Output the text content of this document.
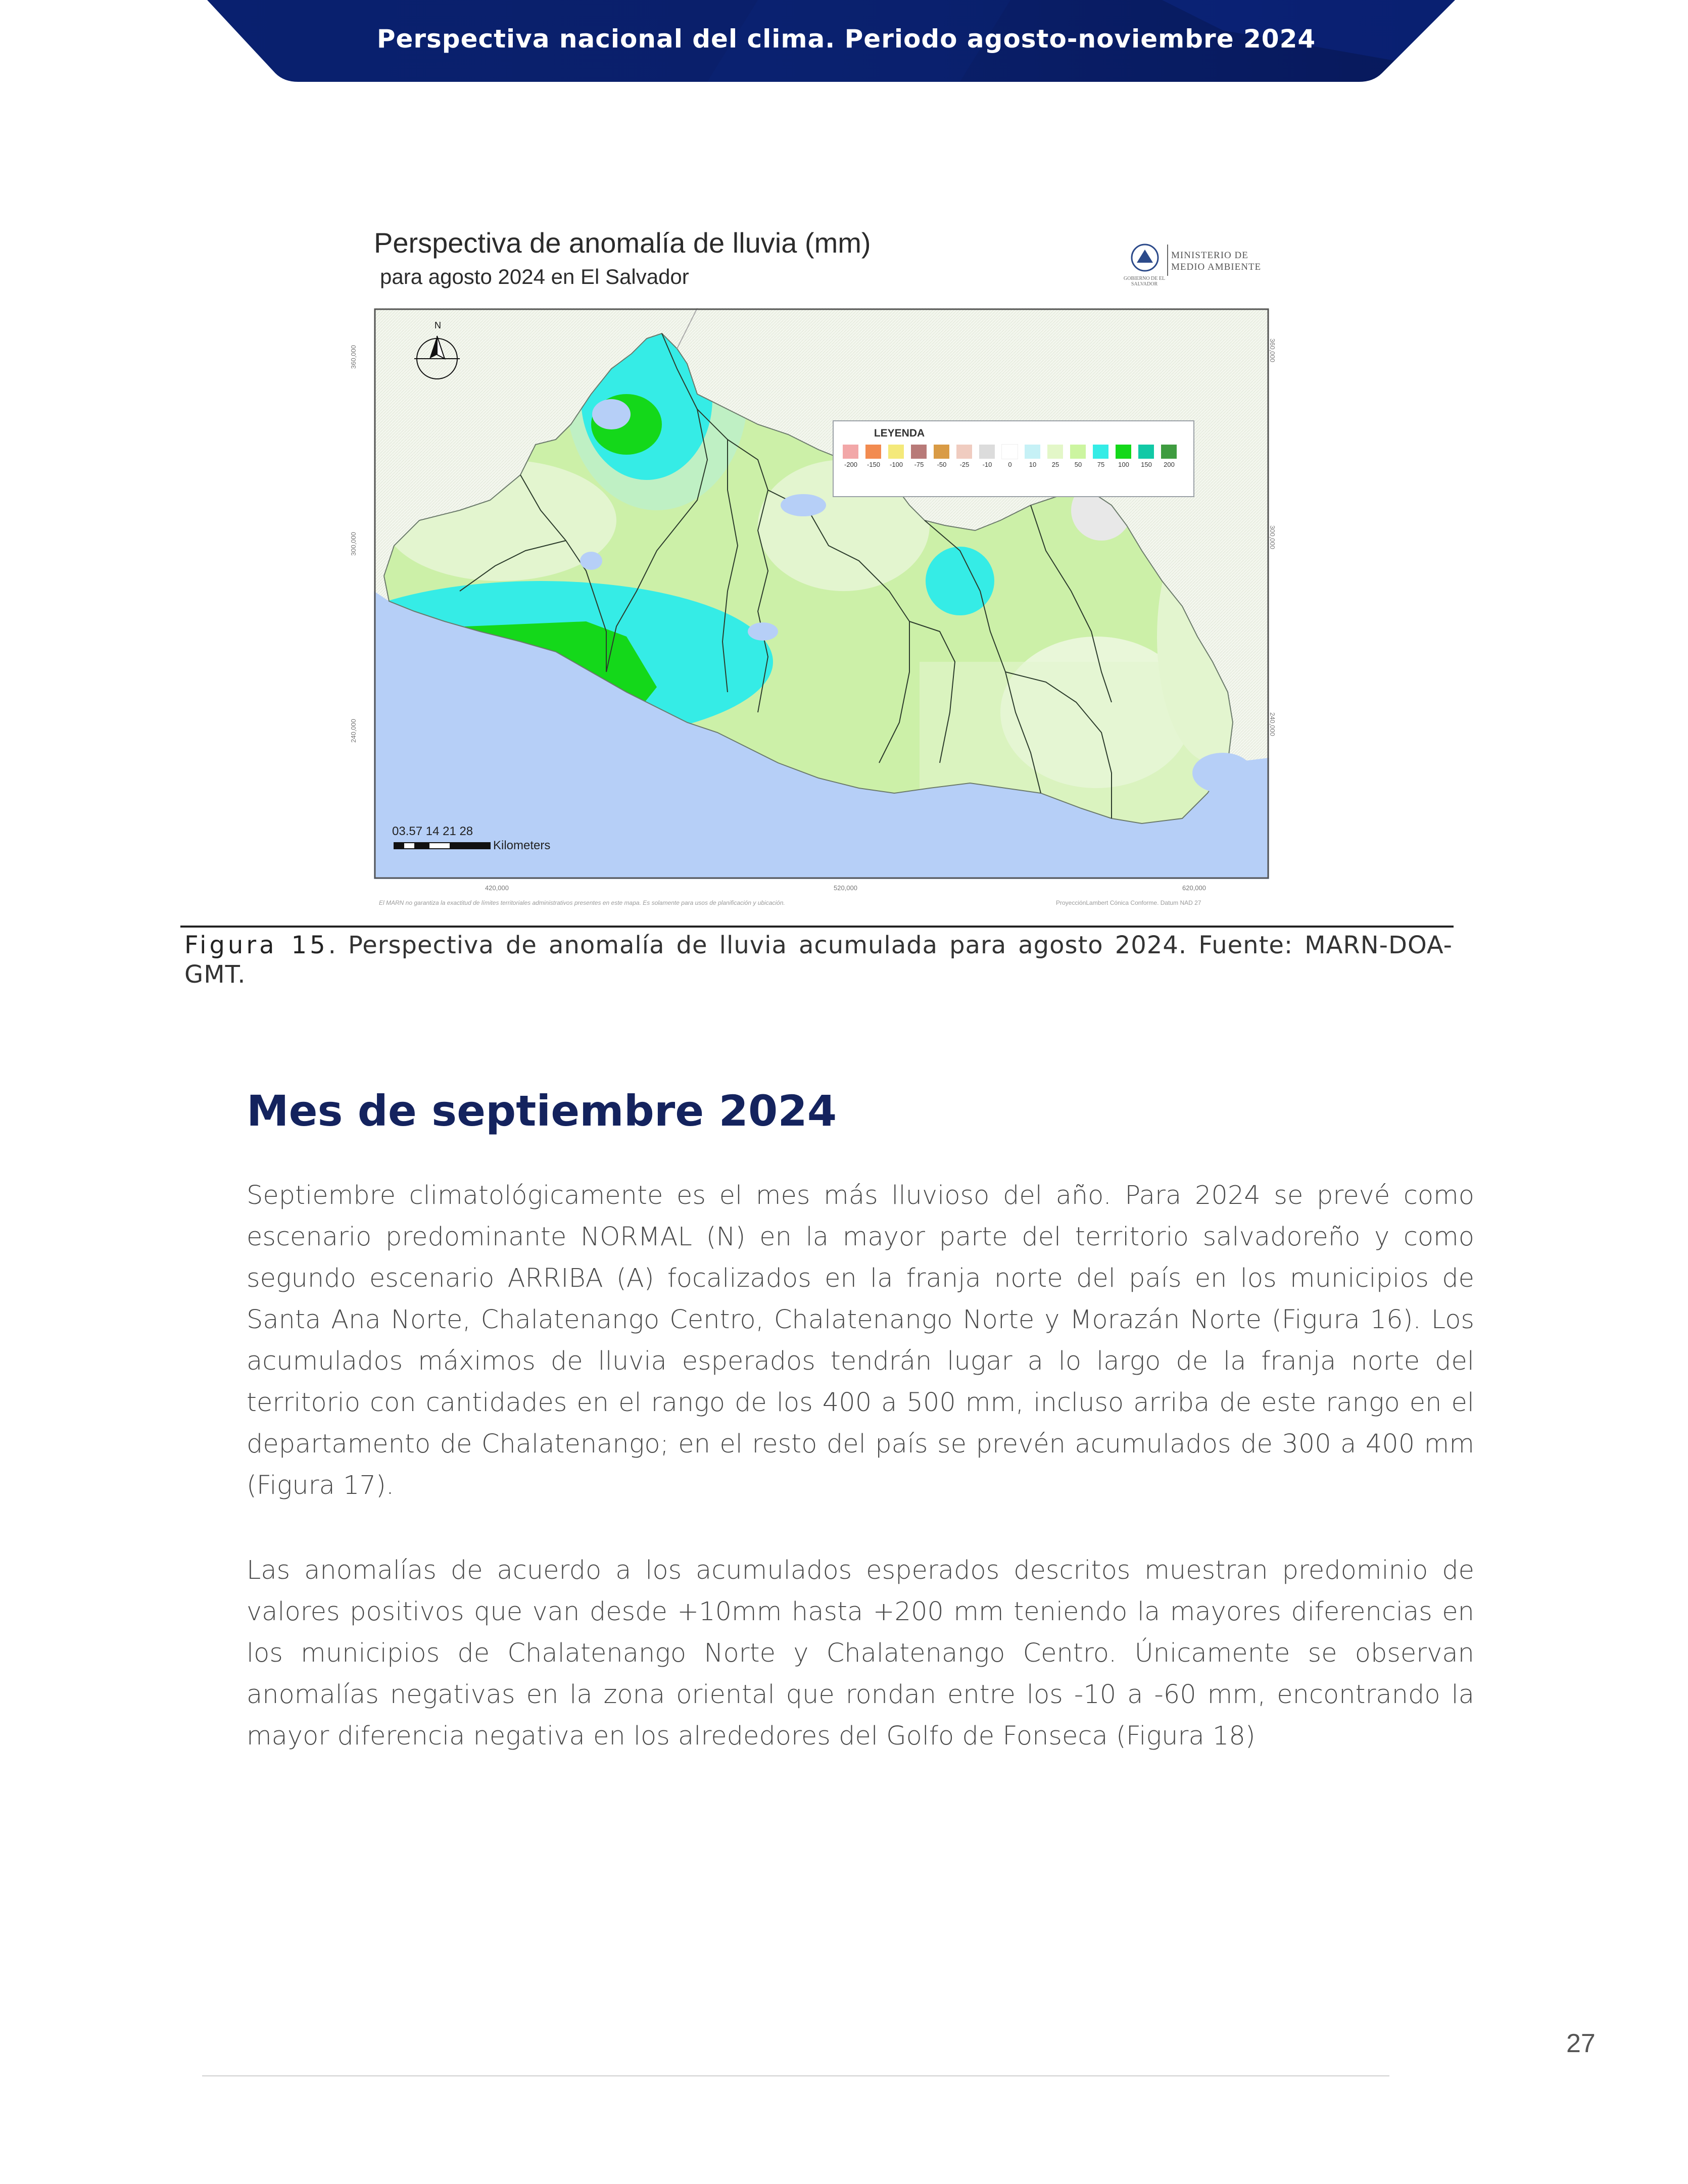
Perspectiva nacional del clima. Periodo agosto-noviembre 2024
Perspectiva de anomalía de lluvia (mm)
para agosto 2024 en El Salvador	GOBIERNO DE EL SALVADOR
MINISTERIO DE
MEDIO AMBIENTE
N
LEYENDA
-200	-150	-100	-75	-50	-25	-10	0	10	25	50	75	100	150	200
03.57 14 21 28
Kilometers
420,000	520,000	620,000
360,000
300,000
240,000
360,000
300,000
240,000
El MARN no garantiza la exactitud de límites territoriales administrativos presentes en este mapa. Es solamente para usos de planificación y ubicación.	ProyecciónLambert Cónica Conforme. Datum NAD 27
Figura 15. Perspectiva de anomalía de lluvia acumulada para agosto 2024. Fuente: MARN-DOA-GMT.
Mes de septiembre 2024
Septiembre climatológicamente es el mes más lluvioso del año. Para 2024 se prevé como escenario predominante NORMAL (N) en la mayor parte del territorio salvadoreño y como segundo escenario ARRIBA (A) focalizados en la franja norte del país en los municipios de Santa Ana Norte, Chalatenango Centro, Chalatenango Norte y Morazán Norte (Figura 16). Los acumulados máximos de lluvia esperados tendrán lugar a lo largo de la franja norte del territorio con cantidades en el rango de los 400 a 500 mm, incluso arriba de este rango en el departamento de Chalatenango; en el resto del país se prevén acumulados de 300 a 400 mm (Figura 17).
Las anomalías de acuerdo a los acumulados esperados descritos muestran predominio de valores positivos que van desde +10mm hasta +200 mm teniendo la mayores diferencias en los municipios de Chalatenango Norte y Chalatenango Centro. Únicamente se observan anomalías negativas en la zona oriental que rondan entre los -10 a -60 mm, encontrando la mayor diferencia negativa en los alrededores del Golfo de Fonseca (Figura 18)
27
